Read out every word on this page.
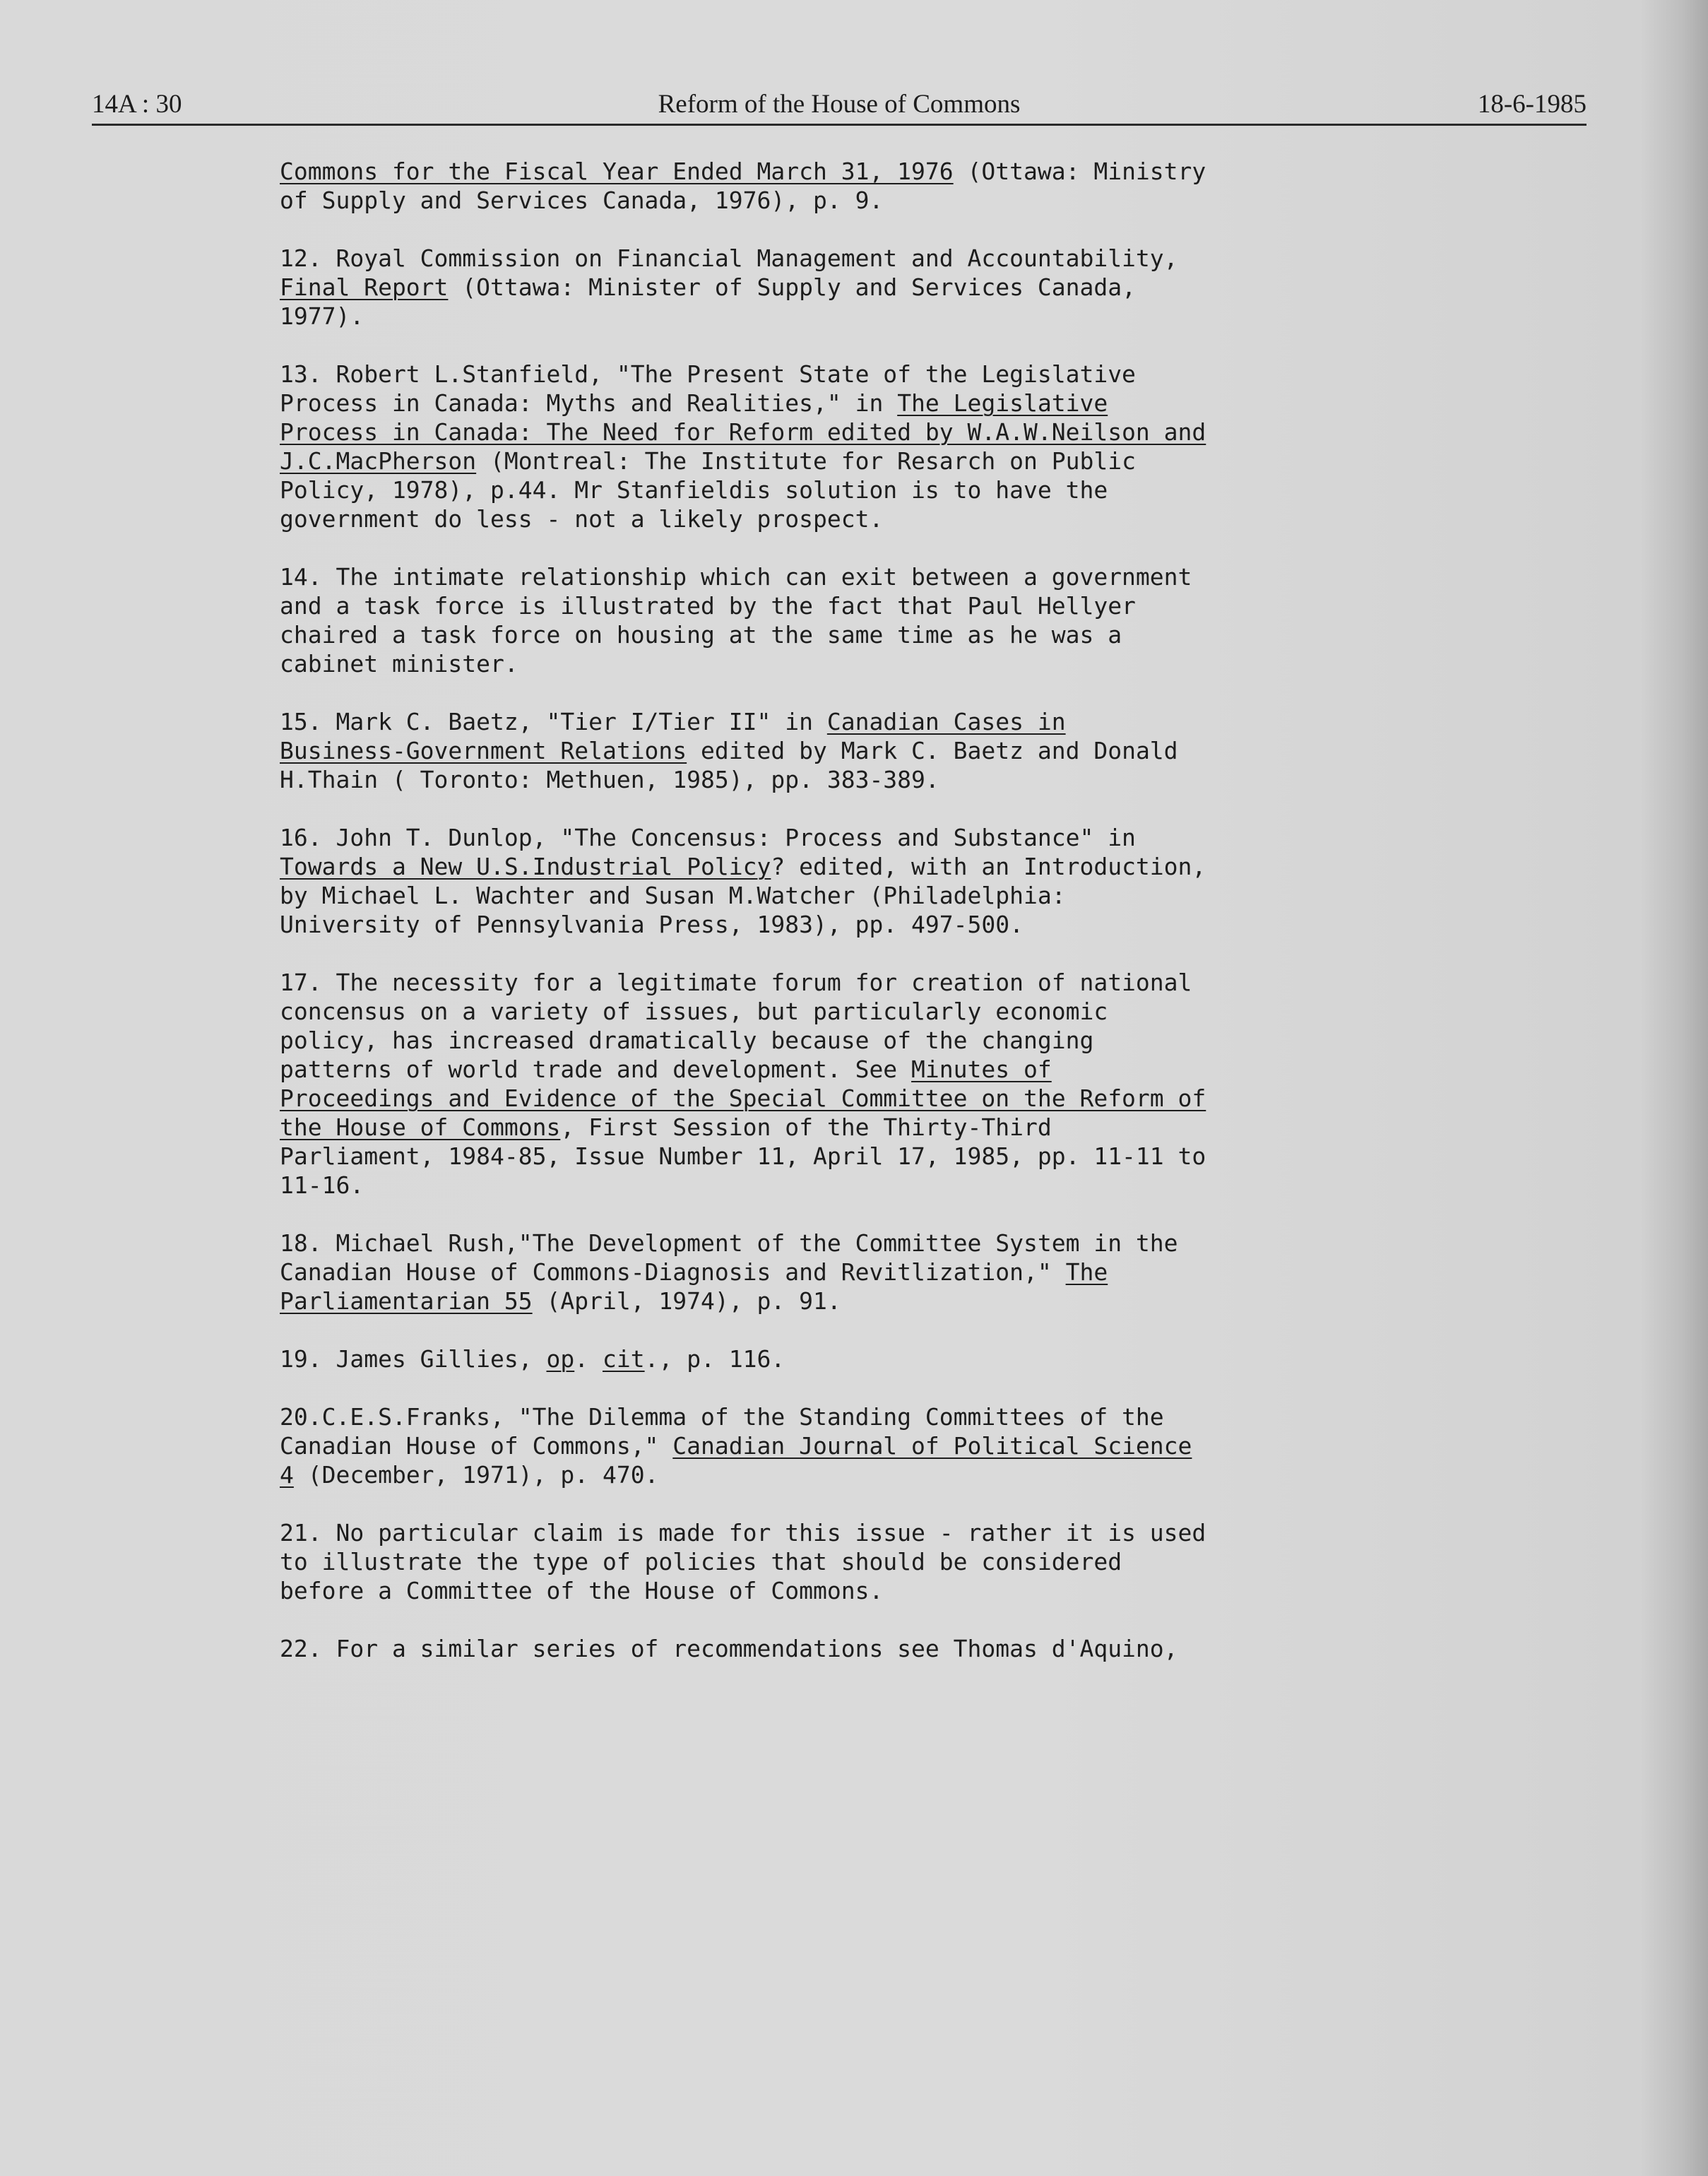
14A : 30	Reform of the House of Commons	18-6-1985
Commons for the Fiscal Year Ended March 31, 1976 (Ottawa: Ministry
of Supply and Services Canada, 1976), p. 9.
12. Royal Commission on Financial Management and Accountability,
Final Report (Ottawa: Minister of Supply and Services Canada,
1977).
13. Robert L.Stanfield, "The Present State of the Legislative
Process in Canada: Myths and Realities," in The Legislative
Process in Canada: The Need for Reform edited by W.A.W.Neilson and
J.C.MacPherson (Montreal: The Institute for Resarch on Public
Policy, 1978), p.44. Mr Stanfieldis solution is to have the
government do less - not a likely prospect.
14. The intimate relationship which can exit between a government
and a task force is illustrated by the fact that Paul Hellyer
chaired a task force on housing at the same time as he was a
cabinet minister.
15. Mark C. Baetz, "Tier I/Tier II" in Canadian Cases in
Business-Government Relations edited by Mark C. Baetz and Donald
H.Thain ( Toronto: Methuen, 1985), pp. 383-389.
16. John T. Dunlop, "The Concensus: Process and Substance" in
Towards a New U.S.Industrial Policy? edited, with an Introduction,
by Michael L. Wachter and Susan M.Watcher (Philadelphia:
University of Pennsylvania Press, 1983), pp. 497-500.
17. The necessity for a legitimate forum for creation of national
concensus on a variety of issues, but particularly economic
policy, has increased dramatically because of the changing
patterns of world trade and development. See Minutes of
Proceedings and Evidence of the Special Committee on the Reform of
the House of Commons, First Session of the Thirty-Third
Parliament, 1984-85, Issue Number 11, April 17, 1985, pp. 11-11 to
11-16.
18. Michael Rush,"The Development of the Committee System in the
Canadian House of Commons-Diagnosis and Revitlization," The
Parliamentarian 55 (April, 1974), p. 91.
19. James Gillies, op. cit., p. 116.
20.C.E.S.Franks, "The Dilemma of the Standing Committees of the
Canadian House of Commons," Canadian Journal of Political Science
4 (December, 1971), p. 470.
21. No particular claim is made for this issue - rather it is used
to illustrate the type of policies that should be considered
before a Committee of the House of Commons.
22. For a similar series of recommendations see Thomas d'Aquino,
